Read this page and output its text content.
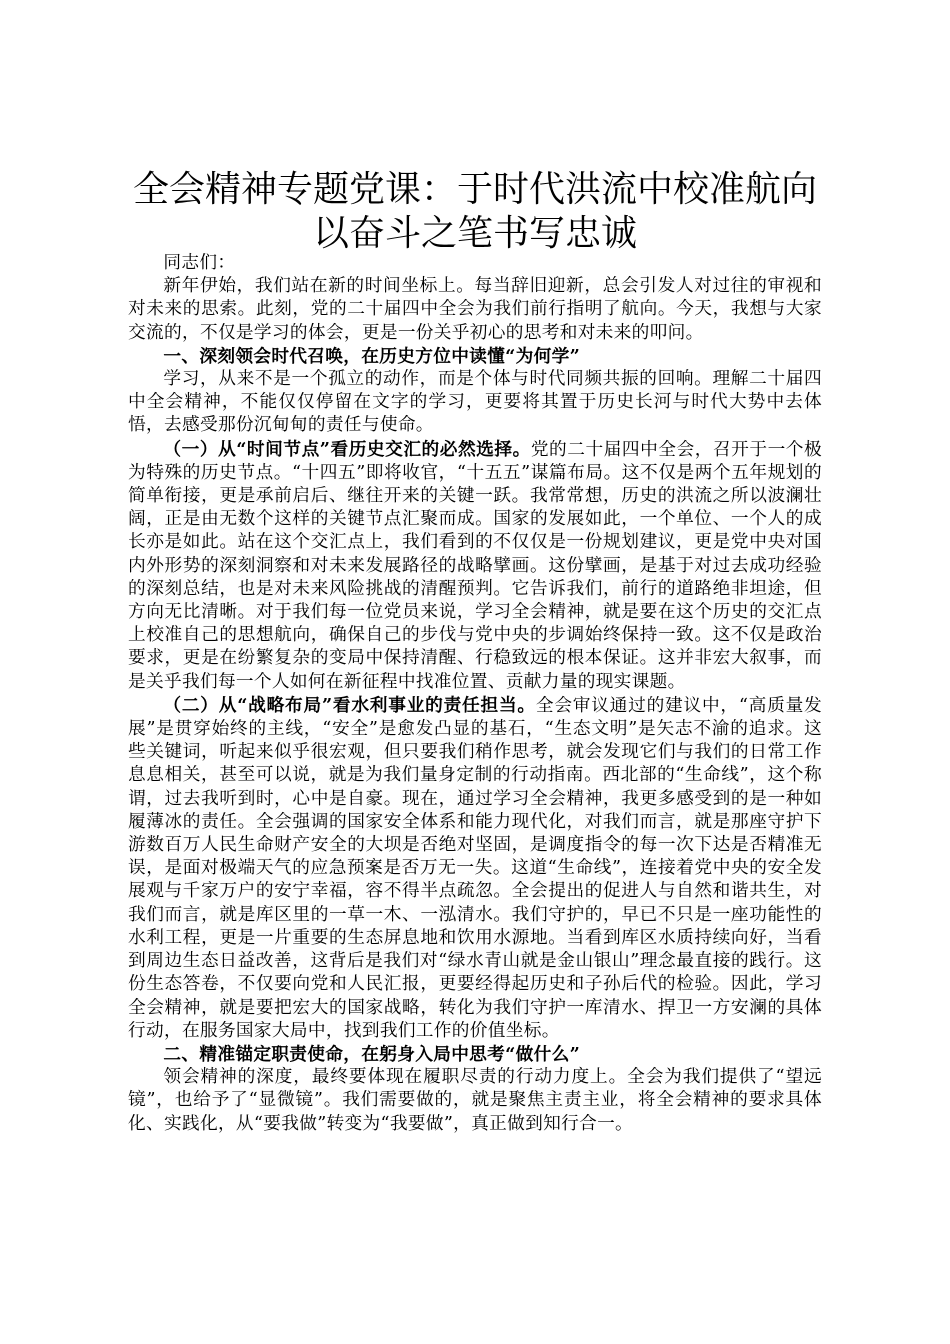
全会精神专题党课：于时代洪流中校准航向
以奋斗之笔书写忠诚

同志们：

新年伊始，我们站在新的时间坐标上。每当辞旧迎新，总会引发人对过往的审视和对未来的思索。此刻，党的二十届四中全会为我们前行指明了航向。今天，我想与大家交流的，不仅是学习的体会，更是一份关乎初心的思考和对未来的叩问。

一、深刻领会时代召唤，在历史方位中读懂“为何学”

学习，从来不是一个孤立的动作，而是个体与时代同频共振的回响。理解二十届四中全会精神，不能仅仅停留在文字的学习，更要将其置于历史长河与时代大势中去体悟，去感受那份沉甸甸的责任与使命。

（一）从“时间节点”看历史交汇的必然选择。党的二十届四中全会，召开于一个极为特殊的历史节点。“十四五”即将收官，“十五五”谋篇布局。这不仅是两个五年规划的简单衔接，更是承前启后、继往开来的关键一跃。我常常想，历史的洪流之所以波澜壮阔，正是由无数个这样的关键节点汇聚而成。国家的发展如此，一个单位、一个人的成长亦是如此。站在这个交汇点上，我们看到的不仅仅是一份规划建议，更是党中央对国内外形势的深刻洞察和对未来发展路径的战略擘画。这份擘画，是基于对过去成功经验的深刻总结，也是对未来风险挑战的清醒预判。它告诉我们，前行的道路绝非坦途，但方向无比清晰。对于我们每一位党员来说，学习全会精神，就是要在这个历史的交汇点上校准自己的思想航向，确保自己的步伐与党中央的步调始终保持一致。这不仅是政治要求，更是在纷繁复杂的变局中保持清醒、行稳致远的根本保证。这并非宏大叙事，而是关乎我们每一个人如何在新征程中找准位置、贡献力量的现实课题。

（二）从“战略布局”看水利事业的责任担当。全会审议通过的建议中，“高质量发展”是贯穿始终的主线，“安全”是愈发凸显的基石，“生态文明”是矢志不渝的追求。这些关键词，听起来似乎很宏观，但只要我们稍作思考，就会发现它们与我们的日常工作息息相关，甚至可以说，就是为我们量身定制的行动指南。西北部的“生命线”，这个称谓，过去我听到时，心中是自豪。现在，通过学习全会精神，我更多感受到的是一种如履薄冰的责任。全会强调的国家安全体系和能力现代化，对我们而言，就是那座守护下游数百万人民生命财产安全的大坝是否绝对坚固，是调度指令的每一次下达是否精准无误，是面对极端天气的应急预案是否万无一失。这道“生命线”，连接着党中央的安全发展观与千家万户的安宁幸福，容不得半点疏忽。全会提出的促进人与自然和谐共生，对我们而言，就是库区里的一草一木、一泓清水。我们守护的，早已不只是一座功能性的水利工程，更是一片重要的生态屏息地和饮用水源地。当看到库区水质持续向好，当看到周边生态日益改善，这背后是我们对“绿水青山就是金山银山”理念最直接的践行。这份生态答卷，不仅要向党和人民汇报，更要经得起历史和子孙后代的检验。因此，学习全会精神，就是要把宏大的国家战略，转化为我们守护一库清水、捍卫一方安澜的具体行动，在服务国家大局中，找到我们工作的价值坐标。

二、精准锚定职责使命，在躬身入局中思考“做什么”

领会精神的深度，最终要体现在履职尽责的行动力度上。全会为我们提供了“望远镜”，也给予了“显微镜”。我们需要做的，就是聚焦主责主业，将全会精神的要求具体化、实践化，从“要我做”转变为“我要做”，真正做到知行合一。
